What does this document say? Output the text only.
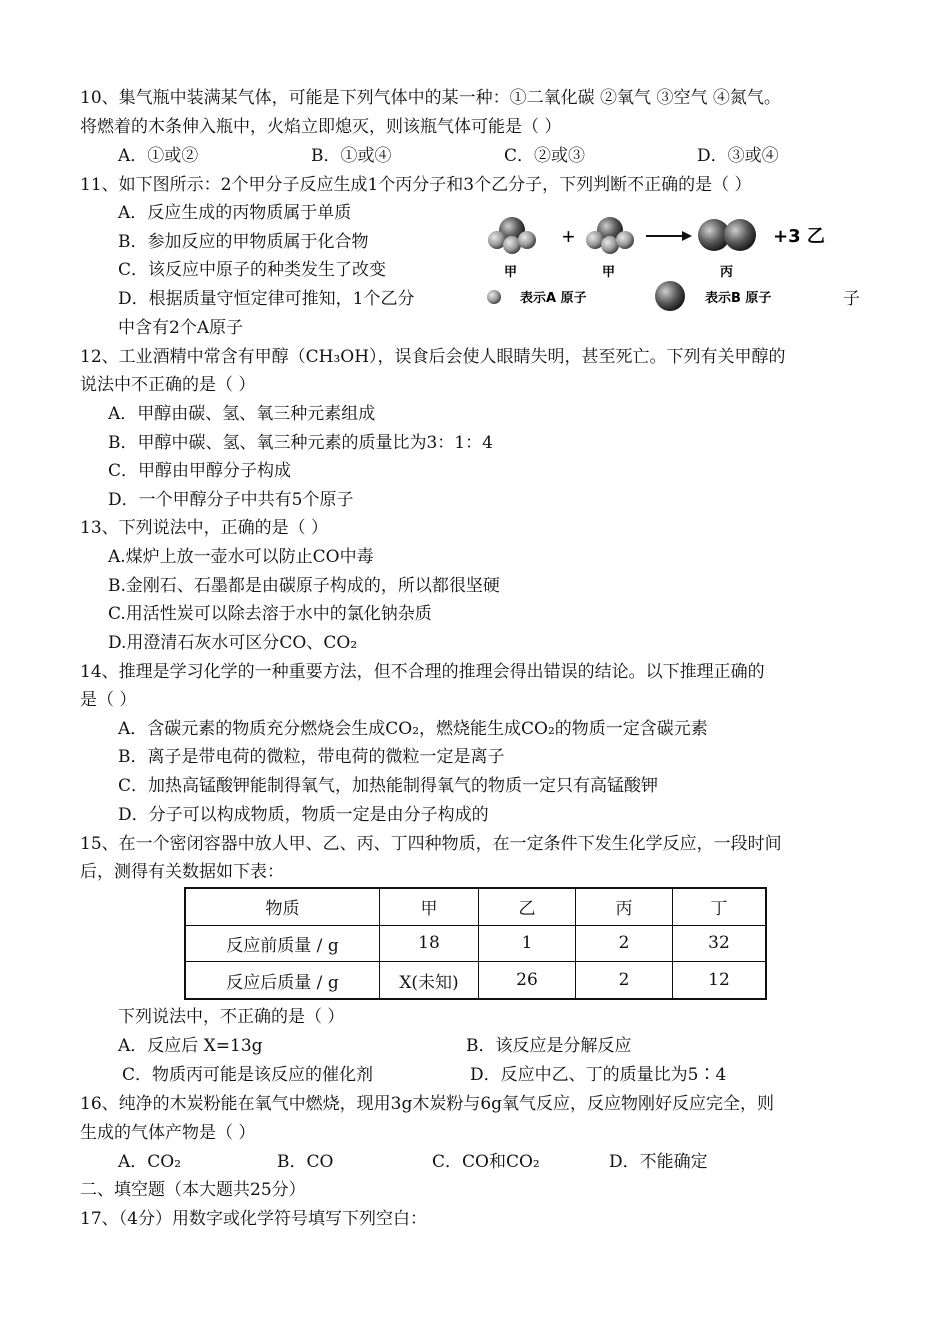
10、集气瓶中装满某气体，可能是下列气体中的某一种：①二氧化碳 ②氧气 ③空气 ④氮气。
将燃着的木条伸入瓶中，火焰立即熄灭，则该瓶气体可能是（ ）
A．①或②	B．①或④	C．②或③	D．③或④
11、如下图所示：2个甲分子反应生成1个丙分子和3个乙分子，下列判断不正确的是（ ）
A．反应生成的丙物质属于单质
B．参加反应的甲物质属于化合物
C．该反应中原子的种类发生了改变
D．根据质量守恒定律可推知，1个乙分	子
中含有2个A原子
+	+3 乙
甲	甲	丙
表示A 原子	表示B 原子
12、工业酒精中常含有甲醇（CH₃OH），误食后会使人眼睛失明，甚至死亡。下列有关甲醇的
说法中不正确的是（ ）
A．甲醇由碳、氢、氧三种元素组成
B．甲醇中碳、氢、氧三种元素的质量比为3：1：4
C．甲醇由甲醇分子构成
D．一个甲醇分子中共有5个原子
13、下列说法中，正确的是（ ）
A.煤炉上放一壶水可以防止CO中毒
B.金刚石、石墨都是由碳原子构成的，所以都很坚硬
C.用活性炭可以除去溶于水中的氯化钠杂质
D.用澄清石灰水可区分CO、CO₂
14、推理是学习化学的一种重要方法，但不合理的推理会得出错误的结论。以下推理正确的
是（ ）
A．含碳元素的物质充分燃烧会生成CO₂，燃烧能生成CO₂的物质一定含碳元素
B．离子是带电荷的微粒，带电荷的微粒一定是离子
C．加热高锰酸钾能制得氧气，加热能制得氧气的物质一定只有高锰酸钾
D．分子可以构成物质，物质一定是由分子构成的
15、在一个密闭容器中放人甲、乙、丙、丁四种物质，在一定条件下发生化学反应，一段时间
后，测得有关数据如下表：
物质	甲	乙	丙	丁
反应前质量 / g	18	1	2	32
反应后质量 / g	X(未知)	26	2	12
下列说法中，不正确的是（ ）
A．反应后 X=13g	B．该反应是分解反应
C．物质丙可能是该反应的催化剂	D．反应中乙、丁的质量比为5∶4
16、纯净的木炭粉能在氧气中燃烧，现用3g木炭粉与6g氧气反应，反应物刚好反应完全，则
生成的气体产物是（ ）
A．CO₂	B．CO	C．CO和CO₂	D．不能确定
二、填空题（本大题共25分）
17、（4分）用数字或化学符号填写下列空白：
